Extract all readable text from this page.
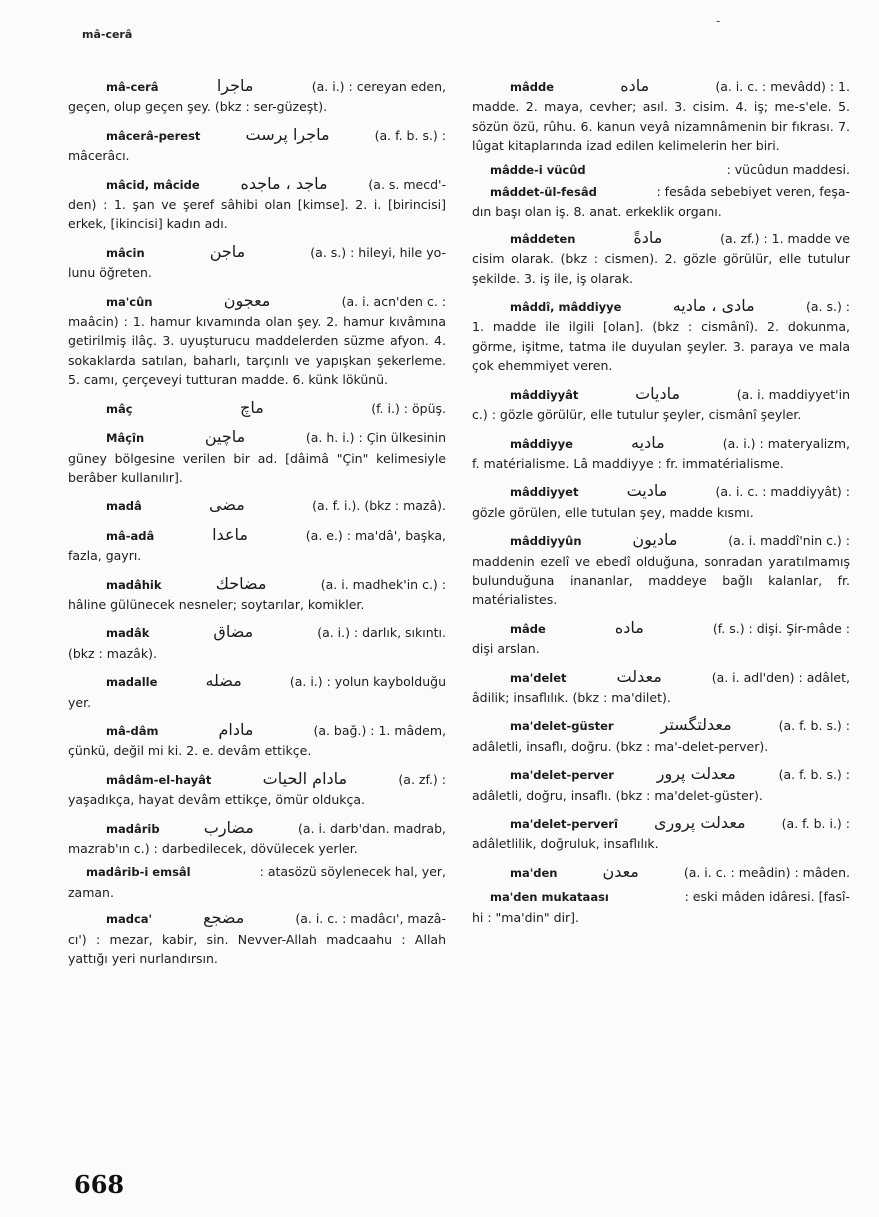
mâ-cerâ
-
mâ-cerâ	ماجرا	(a. i.) : cereyan eden,
geçen, olup geçen şey. (bkz : ser-güzeşt).
mâcerâ-perest	ماجرا پرست	(a. f. b. s.) :
mâcerâcı.
mâcid, mâcide	ماجد ، ماجده	(a. s. mecd'-
den) : 1. şan ve şeref sâhibi olan [kimse]. 2. i. [birincisi] erkek, [ikincisi] kadın adı.
mâcin	ماجن	(a. s.) : hileyi, hile yo-
lunu öğreten.
ma'cûn	معجون	(a. i. acn'den c. :
maâcin) : 1. hamur kıvamında olan şey. 2. hamur kıvâmına getirilmiş ilâç. 3. uyuşturucu maddelerden süzme afyon. 4. sokaklarda satılan, baharlı, tarçınlı ve yapışkan şekerleme. 5. camı, çerçeveyi tutturan madde. 6. künk lökünü.
mâç	ماچ	(f. i.) : öpüş.
Mâçîn	ماچين	(a. h. i.) : Çin ülkesinin
güney bölgesine verilen bir ad. [dâimâ "Çin" kelimesiyle berâber kullanılır].
madâ	مضى	(a. f. i.). (bkz : mazâ).
mâ-adâ	ماعدا	(a. e.) : ma'dâ', başka,
fazla, gayrı.
madâhik	مضاحك	(a. i. madhek'in c.) :
hâline gülünecek nesneler; soytarılar, komikler.
madâk	مضاق	(a. i.) : darlık, sıkıntı.
(bkz : mazâk).
madalle	مضله	(a. i.) : yolun kaybolduğu
yer.
mâ-dâm	مادام	(a. bağ.) : 1. mâdem,
çünkü, değil mi ki. 2. e. devâm ettikçe.
mâdâm-el-hayât	مادام الحيات	(a. zf.) :
yaşadıkça, hayat devâm ettikçe, ömür oldukça.
madârib	مضارب	(a. i. darb'dan. madrab,
mazrab'ın c.) : darbedilecek, dövülecek yerler.
madârib-i emsâl	: atasözü söylenecek hal, yer,
zaman.
madca'	مضجع	(a. i. c. : madâcı', mazâ-
cı') : mezar, kabir, sin. Nevver-Allah madcaahu : Allah yattığı yeri nurlandırsın.
mâdde	ماده	(a. i. c. : mevâdd) : 1.
madde. 2. maya, cevher; asıl. 3. cisim. 4. iş; me-s'ele. 5. sözün özü, rûhu. 6. kanun veyâ nizamnâmenin bir fıkrası. 7. lûgat kitaplarında izad edilen kelimelerin her biri.
mâdde-i vücûd	: vücûdun maddesi.
mâddet-ül-fesâd	: fesâda sebebiyet veren, feşa-
dın başı olan iş. 8. anat. erkeklik organı.
mâddeten	مادةً	(a. zf.) : 1. madde ve
cisim olarak. (bkz : cismen). 2. gözle görülür, elle tutulur şekilde. 3. iş ile, iş olarak.
mâddî, mâddiyye	مادى ، ماديه	(a. s.) :
1. madde ile ilgili [olan]. (bkz : cismânî). 2. dokunma, görme, işitme, tatma ile duyulan şeyler. 3. paraya ve mala çok ehemmiyet veren.
mâddiyyât	ماديات	(a. i. maddiyyet'in
c.) : gözle görülür, elle tutulur şeyler, cismânî şeyler.
mâddiyye	ماديه	(a. i.) : materyalizm,
f. matérialisme. Lâ maddiyye : fr. immatérialisme.
mâddiyyet	ماديت	(a. i. c. : maddiyyât) :
gözle görülen, elle tutulan şey, madde kısmı.
mâddiyyûn	ماديون	(a. i. maddî'nin c.) :
maddenin ezelî ve ebedî olduğuna, sonradan yaratılmamış bulunduğuna inananlar, maddeye bağlı kalanlar, fr. matérialistes.
mâde	ماده	(f. s.) : dişi. Şir-mâde :
dişi arslan.
ma'delet	معدلت	(a. i. adl'den) : adâlet,
âdilik; insaflılık. (bkz : ma'dilet).
ma'delet-güster	معدلتگستر	(a. f. b. s.) :
adâletli, insaflı, doğru. (bkz : ma'-delet-perver).
ma'delet-perver	معدلت پرور	(a. f. b. s.) :
adâletli, doğru, insaflı. (bkz : ma'delet-güster).
ma'delet-perverî معدلت پرورى	(a. f. b. i.) :
adâletlilik, doğruluk, insaflılık.
ma'den	معدن	(a. i. c. : meâdin) : mâden.
ma'den mukataası	: eski mâden idâresi. [fasî-
hi : "ma'din" dir].
668
